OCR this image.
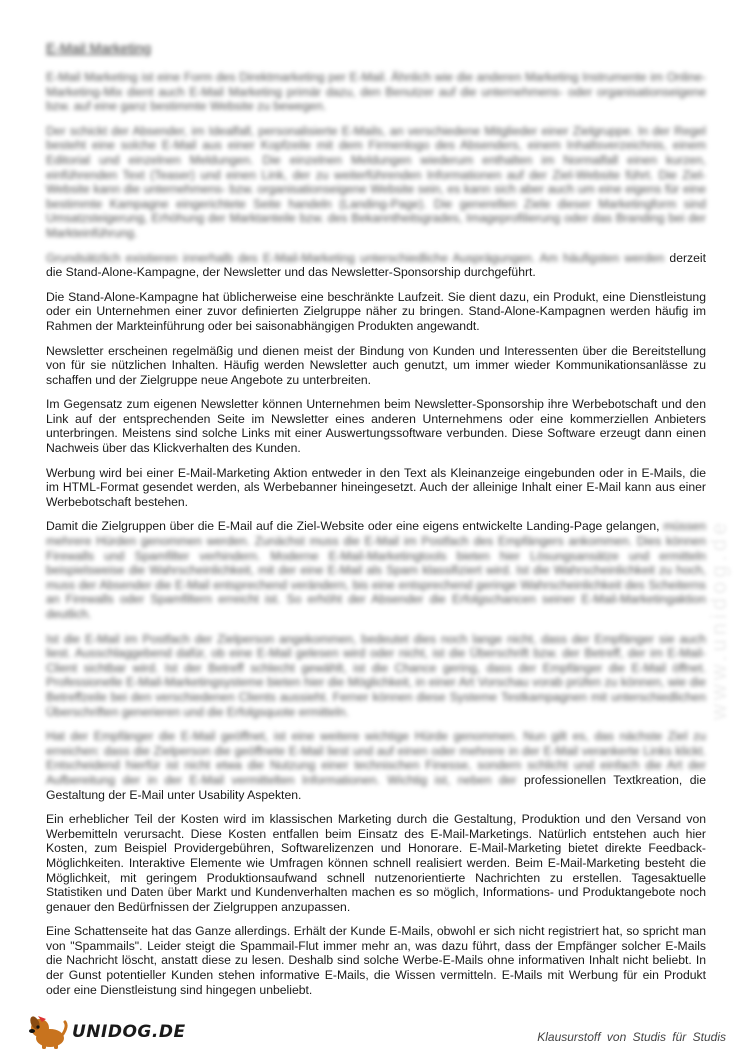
www.unidog.de
E-Mail Marketing

E-Mail Marketing ist eine Form des Direktmarketing per E-Mail. Ähnlich wie die anderen Marketing Instrumente im Online-Marketing-Mix dient auch E-Mail Marketing primär dazu, den Benutzer auf die unternehmens- oder organisationseigene bzw. auf eine ganz bestimmte Website zu bewegen.

Der schickt der Absender, im Idealfall, personalisierte E-Mails, an verschiedene Mitglieder einer Zielgruppe. In der Regel besteht eine solche E-Mail aus einer Kopfzeile mit dem Firmenlogo des Absenders, einem Inhaltsverzeichnis, einem Editorial und einzelnen Meldungen. Die einzelnen Meldungen wiederum enthalten im Normalfall einen kurzen, einführenden Text (Teaser) und einen Link, der zu weiterführenden Informationen auf der Ziel-Website führt. Die Ziel-Website kann die unternehmens- bzw. organisationseigene Website sein, es kann sich aber auch um eine eigens für eine bestimmte Kampagne eingerichtete Seite handeln (Landing-Page). Die generellen Ziele dieser Marketingform sind Umsatzsteigerung, Erhöhung der Marktanteile bzw. des Bekanntheitsgrades, Imageprofilierung oder das Branding bei der Markteinführung.

Grundsätzlich existieren innerhalb des E-Mail-Marketing unterschiedliche Ausprägungen. Am häufigsten werden derzeit die Stand-Alone-Kampagne, der Newsletter und das Newsletter-Sponsorship durchgeführt.

Die Stand-Alone-Kampagne hat üblicherweise eine beschränkte Laufzeit. Sie dient dazu, ein Produkt, eine Dienstleistung oder ein Unternehmen einer zuvor definierten Zielgruppe näher zu bringen. Stand-Alone-Kampagnen werden häufig im Rahmen der Markteinführung oder bei saisonabhängigen Produkten angewandt.

Newsletter erscheinen regelmäßig und dienen meist der Bindung von Kunden und Interessenten über die Bereitstellung von für sie nützlichen Inhalten. Häufig werden Newsletter auch genutzt, um immer wieder Kommunikationsanlässe zu schaffen und der Zielgruppe neue Angebote zu unterbreiten.

Im Gegensatz zum eigenen Newsletter können Unternehmen beim Newsletter-Sponsorship ihre Werbebotschaft und den Link auf der entsprechenden Seite im Newsletter eines anderen Unternehmens oder eine kommerziellen Anbieters unterbringen. Meistens sind solche Links mit einer Auswertungssoftware verbunden. Diese Software erzeugt dann einen Nachweis über das Klickverhalten des Kunden.

Werbung wird bei einer E-Mail-Marketing Aktion entweder in den Text als Kleinanzeige eingebunden oder in E-Mails, die im HTML-Format gesendet werden, als Werbebanner hineingesetzt. Auch der alleinige Inhalt einer E-Mail kann aus einer Werbebotschaft bestehen.

Damit die Zielgruppen über die E-Mail auf die Ziel-Website oder eine eigens entwickelte Landing-Page gelangen, müssen mehrere Hürden genommen werden. Zunächst muss die E-Mail im Postfach des Empfängers ankommen. Dies können Firewalls und Spamfilter verhindern. Moderne E-Mail-Marketingtools bieten hier Lösungsansätze und ermitteln beispielsweise die Wahrscheinlichkeit, mit der eine E-Mail als Spam klassifiziert wird. Ist die Wahrscheinlichkeit zu hoch, muss der Absender die E-Mail entsprechend verändern, bis eine entsprechend geringe Wahrscheinlichkeit des Scheiterns an Firewalls oder Spamfiltern erreicht ist. So erhöht der Absender die Erfolgschancen seiner E-Mail-Marketingaktion deutlich.

Ist die E-Mail im Postfach der Zielperson angekommen, bedeutet dies noch lange nicht, dass der Empfänger sie auch liest. Ausschlaggebend dafür, ob eine E-Mail gelesen wird oder nicht, ist die Überschrift bzw. der Betreff, der im E-Mail-Client sichtbar wird. Ist der Betreff schlecht gewählt, ist die Chance gering, dass der Empfänger die E-Mail öffnet. Professionelle E-Mail-Marketingsysteme bieten hier die Möglichkeit, in einer Art Vorschau vorab prüfen zu können, wie die Betreffzeile bei den verschiedenen Clients aussieht. Ferner können diese Systeme Testkampagnen mit unterschiedlichen Überschriften generieren und die Erfolgsquote ermitteln.

Hat der Empfänger die E-Mail geöffnet, ist eine weitere wichtige Hürde genommen. Nun gilt es, das nächste Ziel zu erreichen: dass die Zielperson die geöffnete E-Mail liest und auf einen oder mehrere in der E-Mail verankerte Links klickt. Entscheidend hierfür ist nicht etwa die Nutzung einer technischen Finesse, sondern schlicht und einfach die Art der Aufbereitung der in der E-Mail vermittelten Informationen. Wichtig ist, neben der professionellen Textkreation, die Gestaltung der E-Mail unter Usability Aspekten.

Ein erheblicher Teil der Kosten wird im klassischen Marketing durch die Gestaltung, Produktion und den Versand von Werbemitteln verursacht. Diese Kosten entfallen beim Einsatz des E-Mail-Marketings. Natürlich entstehen auch hier Kosten, zum Beispiel Providergebühren, Softwarelizenzen und Honorare. E-Mail-Marketing bietet direkte Feedback- Möglichkeiten. Interaktive Elemente wie Umfragen können schnell realisiert werden. Beim E-Mail-Marketing besteht die Möglichkeit, mit geringem Produktionsaufwand schnell nutzenorientierte Nachrichten zu erstellen. Tagesaktuelle Statistiken und Daten über Markt und Kundenverhalten machen es so möglich, Informations- und Produktangebote noch genauer den Bedürfnissen der Zielgruppen anzupassen.

Eine Schattenseite hat das Ganze allerdings. Erhält der Kunde E-Mails, obwohl er sich nicht registriert hat, so spricht man von "Spammails". Leider steigt die Spammail-Flut immer mehr an, was dazu führt, dass der Empfänger solcher E-Mails die Nachricht löscht, anstatt diese zu lesen. Deshalb sind solche Werbe-E-Mails ohne informativen Inhalt nicht beliebt. In der Gunst potentieller Kunden stehen informative E-Mails, die Wissen vermitteln. E-Mails mit Werbung für ein Produkt oder eine Dienstleistung sind hingegen unbeliebt.

UNIDOG.DE	Klausurstoff von Studis für Studis
